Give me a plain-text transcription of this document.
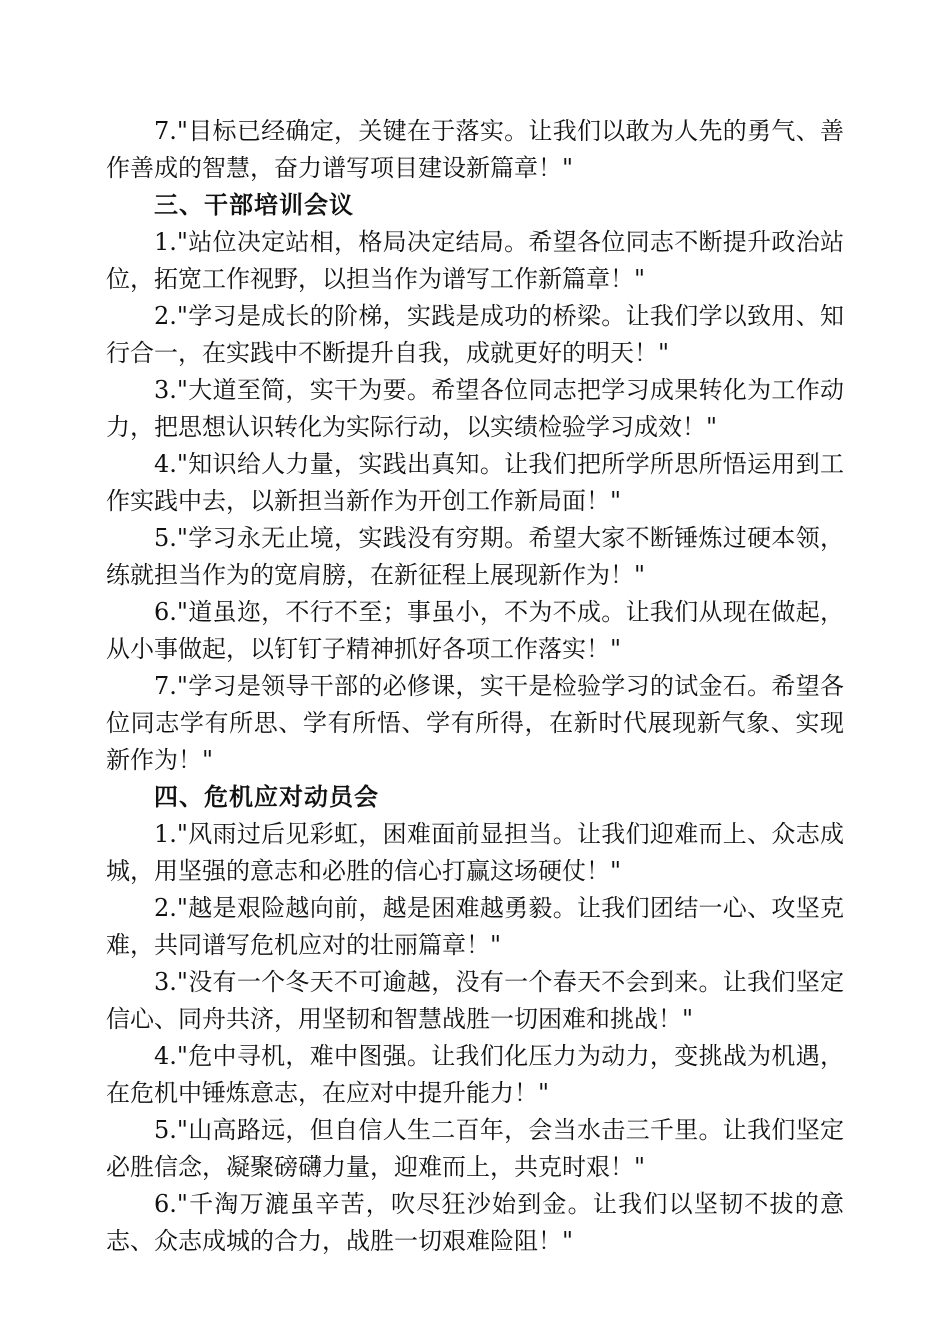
7."目标已经确定，关键在于落实。让我们以敢为人先的勇气、善作善成的智慧，奋力谱写项目建设新篇章！"

三、干部培训会议

1."站位决定站相，格局决定结局。希望各位同志不断提升政治站位，拓宽工作视野，以担当作为谱写工作新篇章！"

2."学习是成长的阶梯，实践是成功的桥梁。让我们学以致用、知行合一，在实践中不断提升自我，成就更好的明天！"

3."大道至简，实干为要。希望各位同志把学习成果转化为工作动力，把思想认识转化为实际行动，以实绩检验学习成效！"

4."知识给人力量，实践出真知。让我们把所学所思所悟运用到工作实践中去，以新担当新作为开创工作新局面！"

5."学习永无止境，实践没有穷期。希望大家不断锤炼过硬本领，练就担当作为的宽肩膀，在新征程上展现新作为！"

6."道虽迩，不行不至；事虽小，不为不成。让我们从现在做起，从小事做起，以钉钉子精神抓好各项工作落实！"

7."学习是领导干部的必修课，实干是检验学习的试金石。希望各位同志学有所思、学有所悟、学有所得，在新时代展现新气象、实现新作为！"

四、危机应对动员会

1."风雨过后见彩虹，困难面前显担当。让我们迎难而上、众志成城，用坚强的意志和必胜的信心打赢这场硬仗！"

2."越是艰险越向前，越是困难越勇毅。让我们团结一心、攻坚克难，共同谱写危机应对的壮丽篇章！"

3."没有一个冬天不可逾越，没有一个春天不会到来。让我们坚定信心、同舟共济，用坚韧和智慧战胜一切困难和挑战！"

4."危中寻机，难中图强。让我们化压力为动力，变挑战为机遇，在危机中锤炼意志，在应对中提升能力！"

5."山高路远，但自信人生二百年，会当水击三千里。让我们坚定必胜信念，凝聚磅礴力量，迎难而上，共克时艰！"

6."千淘万漉虽辛苦，吹尽狂沙始到金。让我们以坚韧不拔的意志、众志成城的合力，战胜一切艰难险阻！"
